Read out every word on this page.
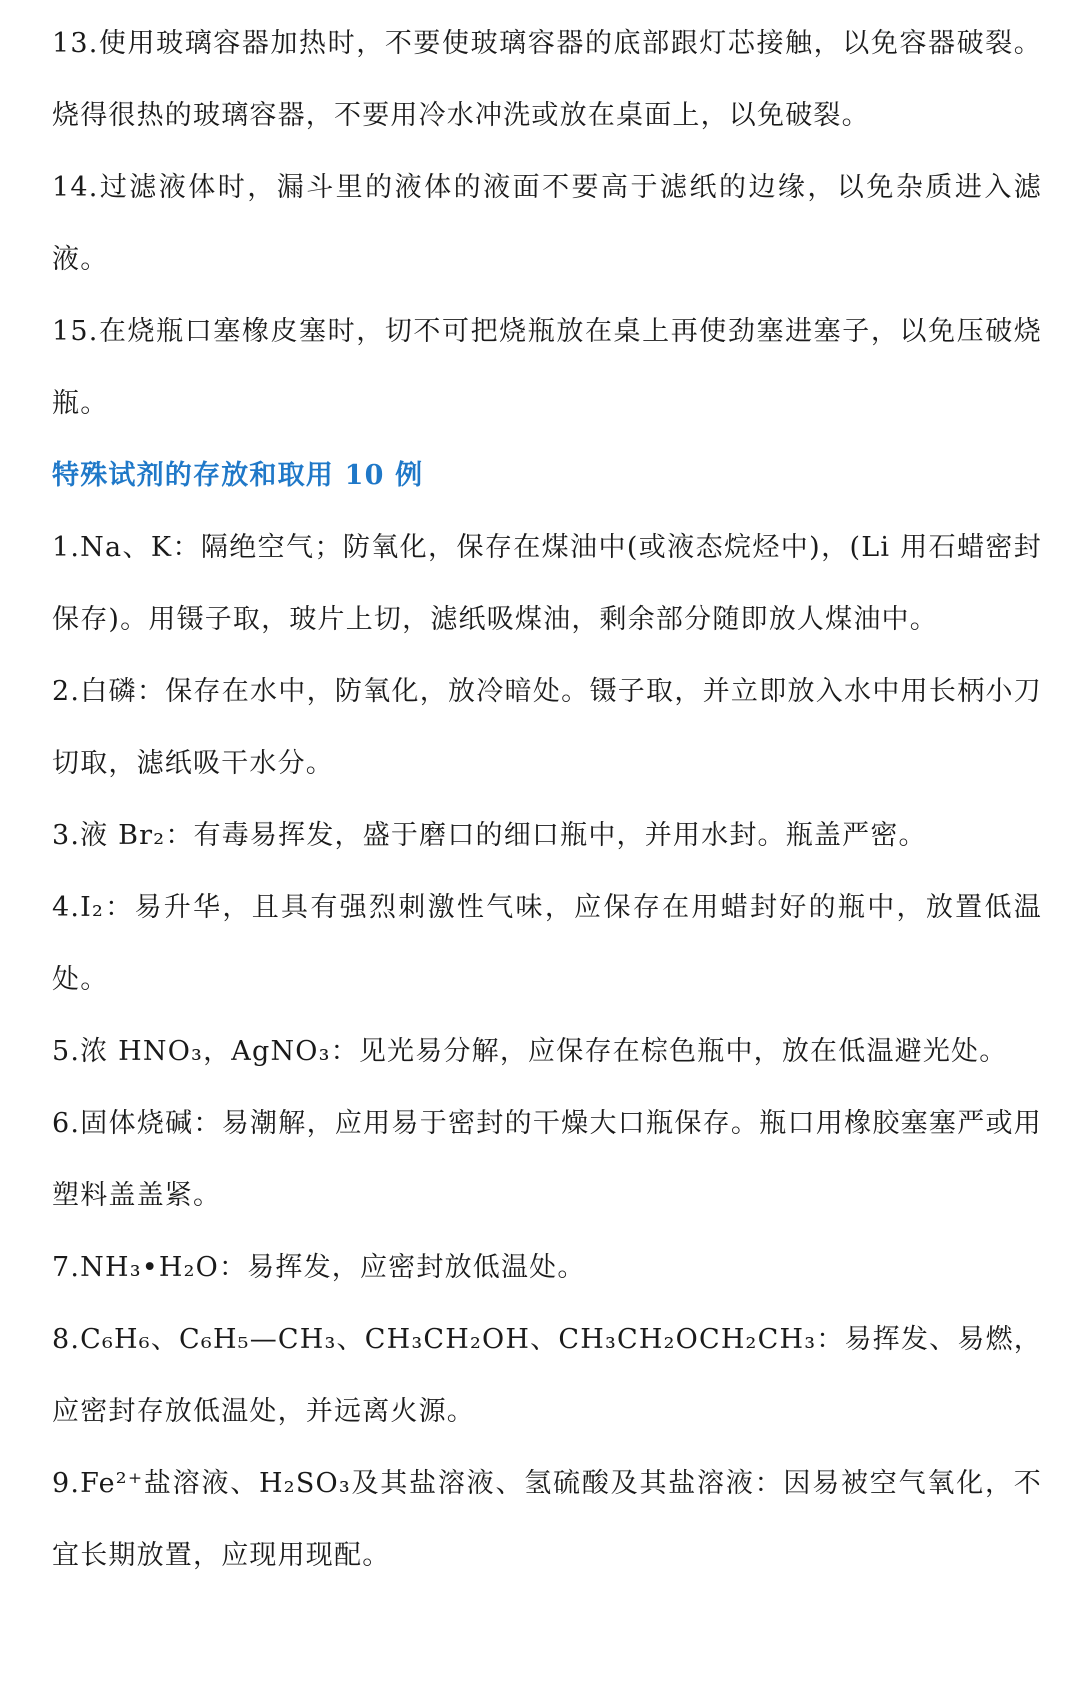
13.使用玻璃容器加热时，不要使玻璃容器的底部跟灯芯接触，以免容器破裂。烧得很热的玻璃容器，不要用冷水冲洗或放在桌面上，以免破裂。

14.过滤液体时，漏斗里的液体的液面不要高于滤纸的边缘，以免杂质进入滤液。

15.在烧瓶口塞橡皮塞时，切不可把烧瓶放在桌上再使劲塞进塞子，以免压破烧瓶。

特殊试剂的存放和取用 10 例

1.Na、K：隔绝空气；防氧化，保存在煤油中(或液态烷烃中)，(Li 用石蜡密封保存)。用镊子取，玻片上切，滤纸吸煤油，剩余部分随即放人煤油中。

2.白磷：保存在水中，防氧化，放冷暗处。镊子取，并立即放入水中用长柄小刀切取，滤纸吸干水分。

3.液 Br₂：有毒易挥发，盛于磨口的细口瓶中，并用水封。瓶盖严密。

4.I₂：易升华，且具有强烈刺激性气味，应保存在用蜡封好的瓶中，放置低温处。

5.浓 HNO₃，AgNO₃：见光易分解，应保存在棕色瓶中，放在低温避光处。

6.固体烧碱：易潮解，应用易于密封的干燥大口瓶保存。瓶口用橡胶塞塞严或用塑料盖盖紧。

7.NH₃•H₂O：易挥发，应密封放低温处。

8.C₆H₆、C₆H₅—CH₃、CH₃CH₂OH、CH₃CH₂OCH₂CH₃：易挥发、易燃，应密封存放低温处，并远离火源。

9.Fe²⁺盐溶液、H₂SO₃及其盐溶液、氢硫酸及其盐溶液：因易被空气氧化，不宜长期放置，应现用现配。
